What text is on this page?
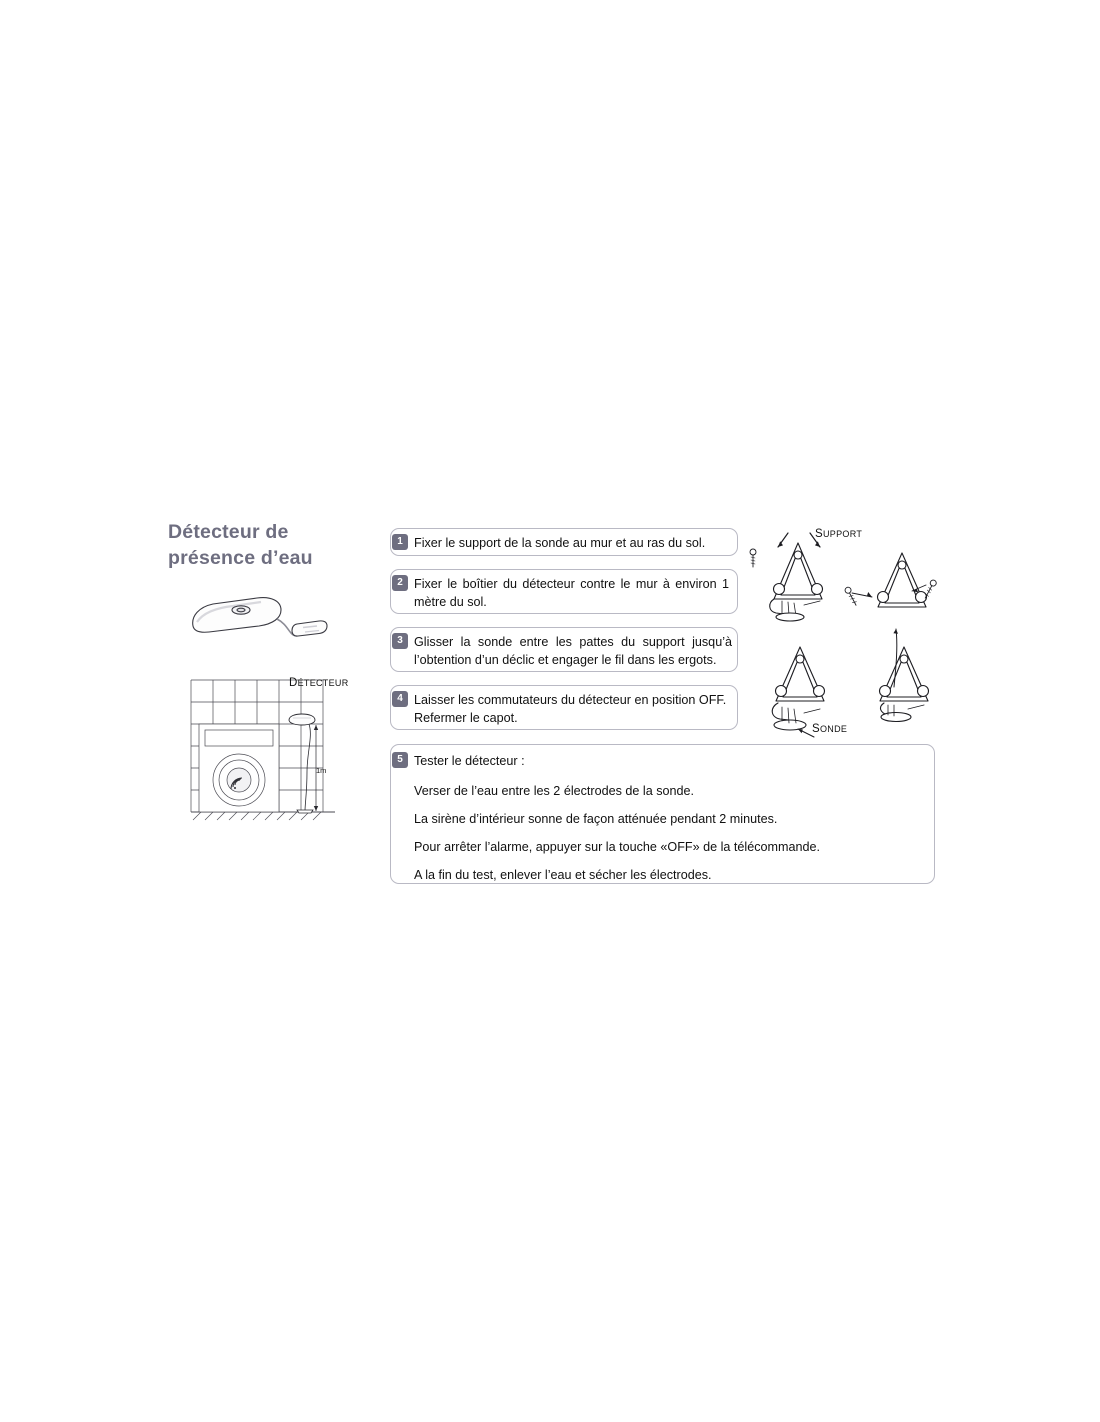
Détecteur de
présence d’eau
DÉTECTEUR
1m
1 Fixer le support de la sonde au mur et au ras du sol.
2 Fixer le boîtier du détecteur contre le mur à environ 1 mètre du sol.
3 Glisser la sonde entre les pattes du support jusqu’à l’obtention d’un déclic et engager le fil dans les ergots.
4 Laisser les commutateurs du détecteur en position OFF. Refermer le capot.
5 Tester le détecteur :
Verser de l’eau entre les 2 électrodes de la sonde.
La sirène d’intérieur sonne de façon atténuée pendant 2 minutes.
Pour arrêter l’alarme, appuyer sur la touche «OFF» de la télécommande.
A la fin du test, enlever l’eau et sécher les électrodes.
SUPPORT
SONDE
